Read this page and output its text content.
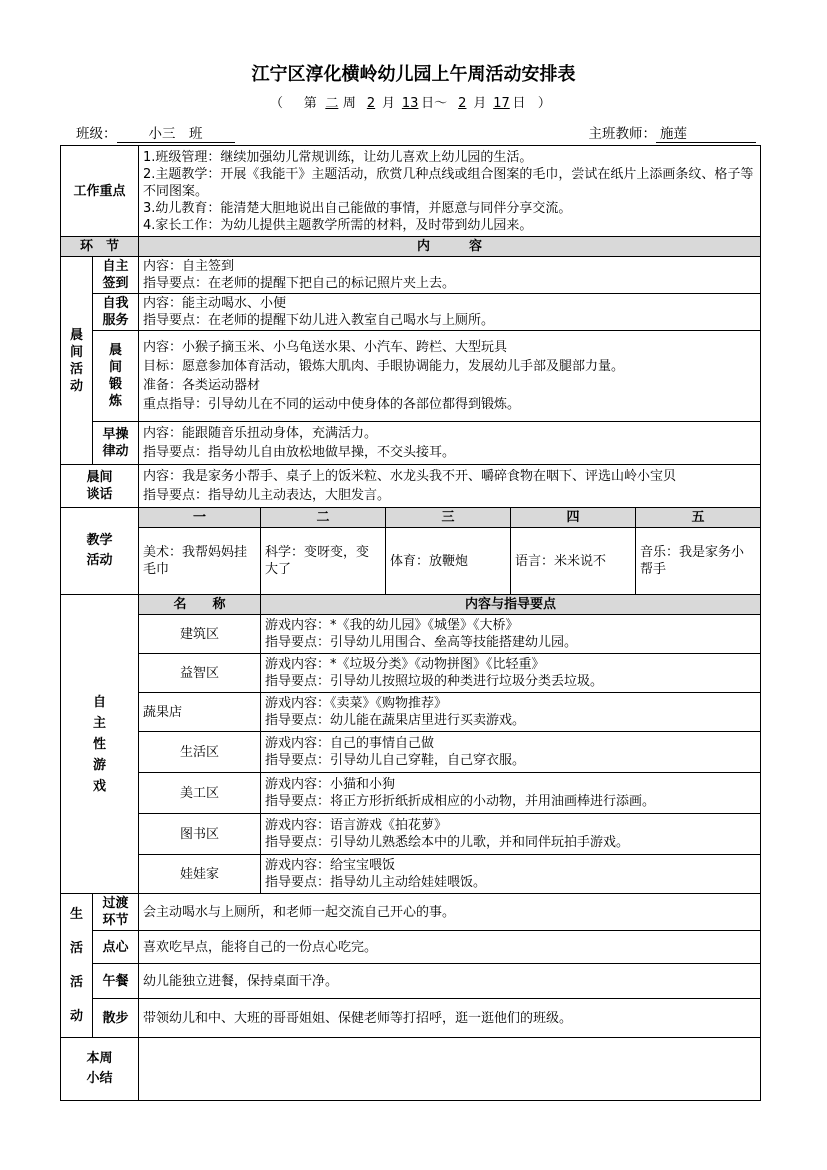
江宁区淳化横岭幼儿园上午周活动安排表
（ 第 二 周 2 月 13 日～ 2 月 17 日 ）
班级： 小三　班	主班教师： 施莲
工作重点		1.班级管理：继续加强幼儿常规训练，让幼儿喜欢上幼儿园的生活。
2.主题教学：开展《我能干》主题活动，欣赏几种点线或组合图案的毛巾，尝试在纸片上添画条纹、格子等不同图案。
3.幼儿教育：能清楚大胆地说出自己能做的事情，并愿意与同伴分享交流。
4.家长工作：为幼儿提供主题教学所需的材料，及时带到幼儿园来。				

环　节		内　　　容				
晨间活动	自主签到	内容：自主签到
指导要点：在老师的提醒下把自己的标记照片夹上去。				

	自我服务	内容：能主动喝水、小便
指导要点：在老师的提醒下幼儿进入教室自己喝水与上厕所。				

	晨间锻炼	内容：小猴子摘玉米、小乌龟送水果、小汽车、跨栏、大型玩具
目标：愿意参加体育活动，锻炼大肌肉、手眼协调能力，发展幼儿手部及腿部力量。
准备：各类运动器材
重点指导：引导幼儿在不同的运动中使身体的各部位都得到锻炼。				

	早操律动	内容：能跟随音乐扭动身体，充满活力。
指导要点：指导幼儿自由放松地做早操，不交头接耳。				

晨间谈话		内容：我是家务小帮手、桌子上的饭米粒、水龙头我不开、嚼碎食物在咽下、评选山岭小宝贝
指导要点：指导幼儿主动表达，大胆发言。				

教学活动		一	二	三	四	五
		美术：我帮妈妈挂毛巾	科学：变呀变，变大了	体育：放鞭炮	语言：米米说不	音乐：我是家务小帮手
自主性游戏		名　　称	内容与指导要点			
		建筑区	游戏内容：*《我的幼儿园》《城堡》《大桥》
指导要点：引导幼儿用围合、垒高等技能搭建幼儿园。			

		益智区	游戏内容：*《垃圾分类》《动物拼图》《比轻重》
指导要点：引导幼儿按照垃圾的种类进行垃圾分类丢垃圾。			

		蔬果店	游戏内容：《卖菜》《购物推荐》
指导要点：幼儿能在蔬果店里进行买卖游戏。			

		生活区	游戏内容：自己的事情自己做
指导要点：引导幼儿自己穿鞋，自己穿衣服。			

		美工区	游戏内容：小猫和小狗
指导要点：将正方形折纸折成相应的小动物，并用油画棒进行添画。			

		图书区	游戏内容：语言游戏《拍花萝》
指导要点：引导幼儿熟悉绘本中的儿歌，并和同伴玩拍手游戏。			

		娃娃家	游戏内容：给宝宝喂饭
指导要点：指导幼儿主动给娃娃喂饭。			

生活活动	过渡环节	会主动喝水与上厕所，和老师一起交流自己开心的事。				
	点心	喜欢吃早点，能将自己的一份点心吃完。				
	午餐	幼儿能独立进餐，保持桌面干净。				
	散步	带领幼儿和中、大班的哥哥姐姐、保健老师等打招呼，逛一逛他们的班级。				
本周小结						
